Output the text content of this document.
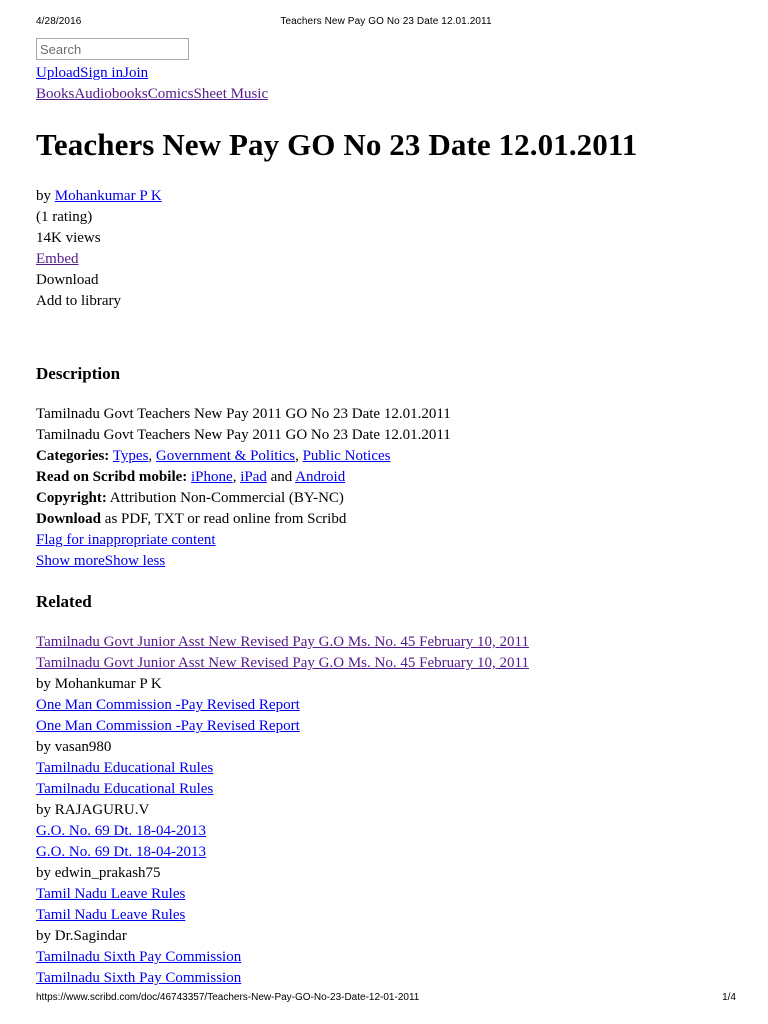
4/28/2016	Teachers New Pay GO No 23 Date 12.01.2011
Search
UploadSign inJoin
BooksAudiobooksComicsSheet Music
Teachers New Pay GO No 23 Date 12.01.2011
by Mohankumar P K
(1 rating)
14K views
Embed
Download
Add to library
Description
Tamilnadu Govt Teachers New Pay 2011 GO No 23 Date 12.01.2011
Tamilnadu Govt Teachers New Pay 2011 GO No 23 Date 12.01.2011
Categories: Types, Government & Politics, Public Notices
Read on Scribd mobile: iPhone, iPad and Android
Copyright: Attribution Non-Commercial (BY-NC)
Download as PDF, TXT or read online from Scribd
Flag for inappropriate content
Show moreShow less
Related
Tamilnadu Govt Junior Asst New Revised Pay G.O Ms. No. 45 February 10, 2011
Tamilnadu Govt Junior Asst New Revised Pay G.O Ms. No. 45 February 10, 2011
by Mohankumar P K
One Man Commission -Pay Revised Report
One Man Commission -Pay Revised Report
by vasan980
Tamilnadu Educational Rules
Tamilnadu Educational Rules
by RAJAGURU.V
G.O. No. 69 Dt. 18-04-2013
G.O. No. 69 Dt. 18-04-2013
by edwin_prakash75
Tamil Nadu Leave Rules
Tamil Nadu Leave Rules
by Dr.Sagindar
Tamilnadu Sixth Pay Commission
Tamilnadu Sixth Pay Commission
https://www.scribd.com/doc/46743357/Teachers-New-Pay-GO-No-23-Date-12-01-2011	1/4
